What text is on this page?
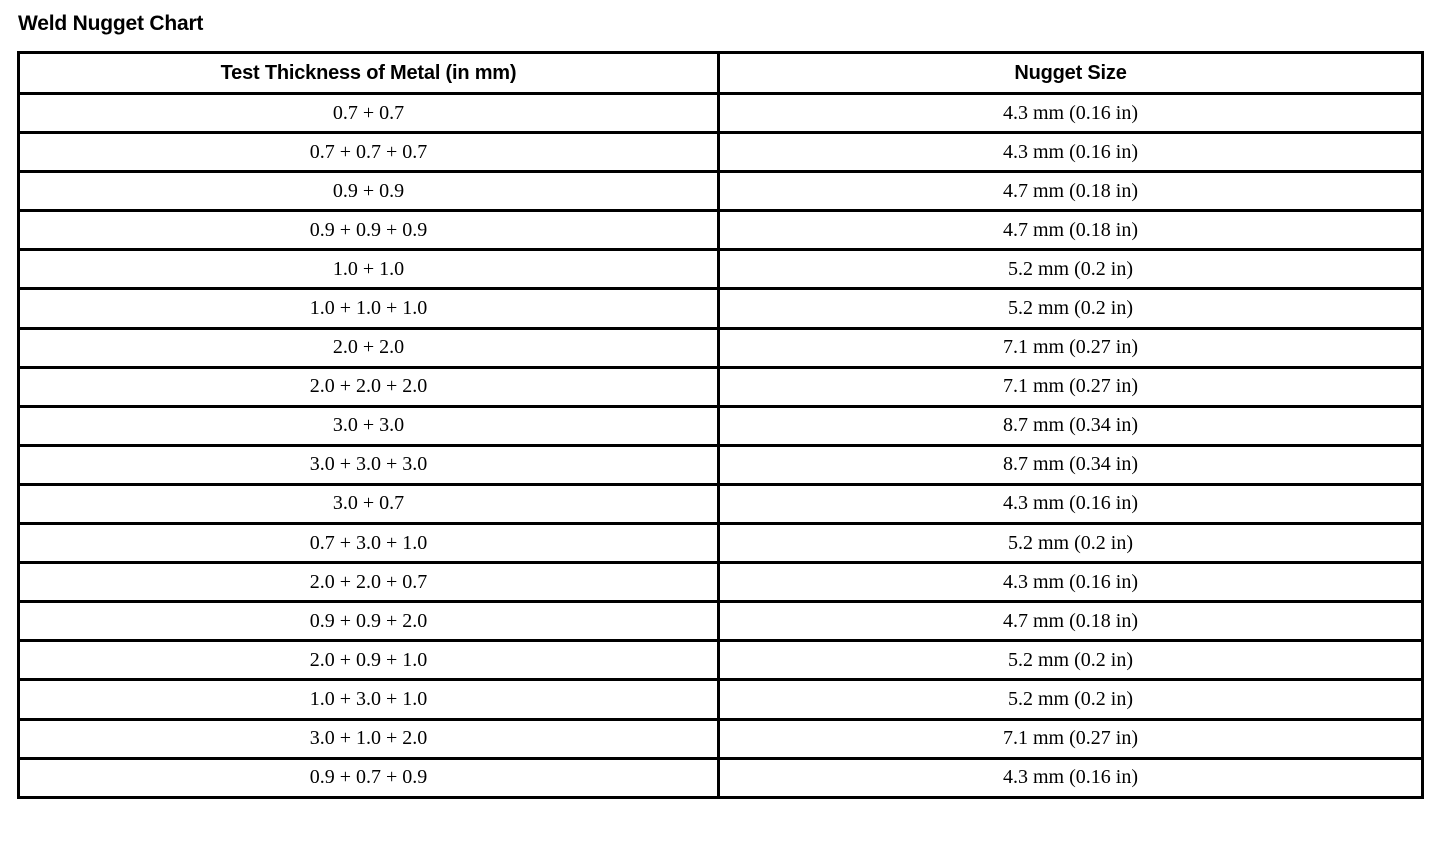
Weld Nugget Chart
Test Thickness of Metal (in mm)	Nugget Size
0.7 + 0.7	4.3 mm (0.16 in)
0.7 + 0.7 + 0.7	4.3 mm (0.16 in)
0.9 + 0.9	4.7 mm (0.18 in)
0.9 + 0.9 + 0.9	4.7 mm (0.18 in)
1.0 + 1.0	5.2 mm (0.2 in)
1.0 + 1.0 + 1.0	5.2 mm (0.2 in)
2.0 + 2.0	7.1 mm (0.27 in)
2.0 + 2.0 + 2.0	7.1 mm (0.27 in)
3.0 + 3.0	8.7 mm (0.34 in)
3.0 + 3.0 + 3.0	8.7 mm (0.34 in)
3.0 + 0.7	4.3 mm (0.16 in)
0.7 + 3.0 + 1.0	5.2 mm (0.2 in)
2.0 + 2.0 + 0.7	4.3 mm (0.16 in)
0.9 + 0.9 + 2.0	4.7 mm (0.18 in)
2.0 + 0.9 + 1.0	5.2 mm (0.2 in)
1.0 + 3.0 + 1.0	5.2 mm (0.2 in)
3.0 + 1.0 + 2.0	7.1 mm (0.27 in)
0.9 + 0.7 + 0.9	4.3 mm (0.16 in)
